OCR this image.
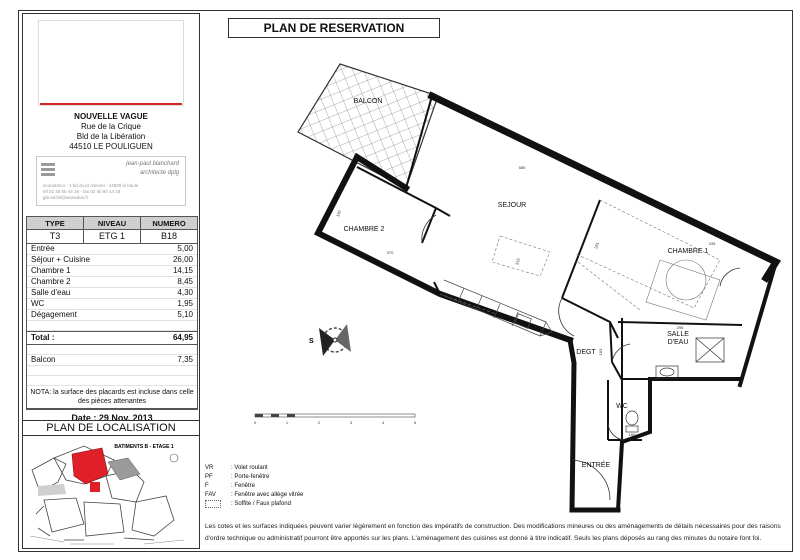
NOUVELLE VAGUE
Rue de la Crique
Bld de la Libération
44510 LE POULIGUEN
jean-paul blanchard
architecte dplg
econobrico - 1 bd du pt chevrel - 44500 la baule
tél 02 40 60 44 16 - fax 02 40 60 44 16
jpb.archit@wanadoo.fr
TYPE	NIVEAU	NUMERO
T3	ETG 1	B18
Entrée	5,00
Séjour + Cuisine	26,00
Chambre 1	14,15
Chambre 2	8,45
Salle d'eau	4,30
WC	1,95
Dégagement	5,10
Total :	64,95
Balcon	7,35
NOTA: la surface des placards est incluse dans celle des pièces attenantes
Date : 29 Nov. 2013
PLAN DE LOCALISATION
BATIMENTS B - ETAGE 1
PLAN DE RESERVATION
BALCON
SEJOUR
CHAMBRE 2
CHAMBRE 1
SALLE
D'EAU
DEGT
WC
ENTRÉE
585
315
370
192
335
261
296
183
165
S
0	1	2	3	4	5
VR	: Volet roulant
PF	: Porte-fenêtre
F	: Fenêtre
FAV	: Fenêtre avec allège vitrée
: Soffite / Faux plafond
Les cotes et les surfaces indiquées peuvent varier légèrement en fonction des impératifs de construction. Des modifications mineures ou des aménagements de détails nécessaires pour des raisons d'ordre technique ou administratif pourront être apportés sur les plans. L'aménagement des cuisines est donné à titre indicatif. Seuls les plans déposés au rang des minutes du notaire font foi.
